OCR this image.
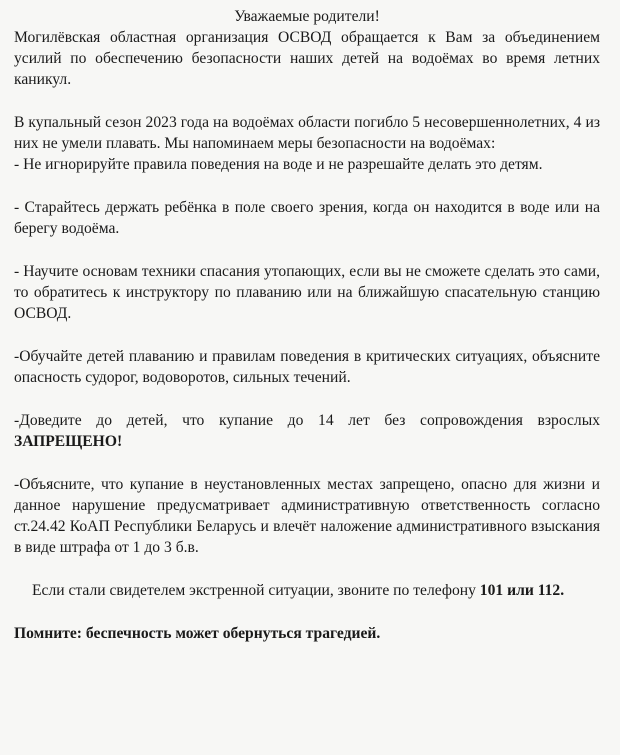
Уважаемые родители!

Могилёвская областная организация ОСВОД обращается к Вам за объединением усилий по обеспечению безопасности наших детей на водоёмах во время летних каникул.

В купальный сезон 2023 года на водоёмах области погибло 5 несовершеннолетних, 4 из них не умели плавать. Мы напоминаем меры безопасности на водоёмах:

- Не игнорируйте правила поведения на воде и не разрешайте делать это детям.

- Старайтесь держать ребёнка в поле своего зрения, когда он находится в воде или на берегу водоёма.

- Научите основам техники спасания утопающих, если вы не сможете сделать это сами, то обратитесь к инструктору по плаванию или на ближайшую спасательную станцию ОСВОД.

-Обучайте детей плаванию и правилам поведения в критических ситуациях, объясните опасность судорог, водоворотов, сильных течений.

-Доведите до детей, что купание до 14 лет без сопровождения взрослых ЗАПРЕЩЕНО!

-Объясните, что купание в неустановленных местах запрещено, опасно для жизни и данное нарушение предусматривает административную ответственность согласно ст.24.42 КоАП Республики Беларусь и влечёт наложение административного взыскания в виде штрафа от 1 до 3 б.в.

Если стали свидетелем экстренной ситуации, звоните по телефону 101 или 112.

Помните: беспечность может обернуться трагедией.
